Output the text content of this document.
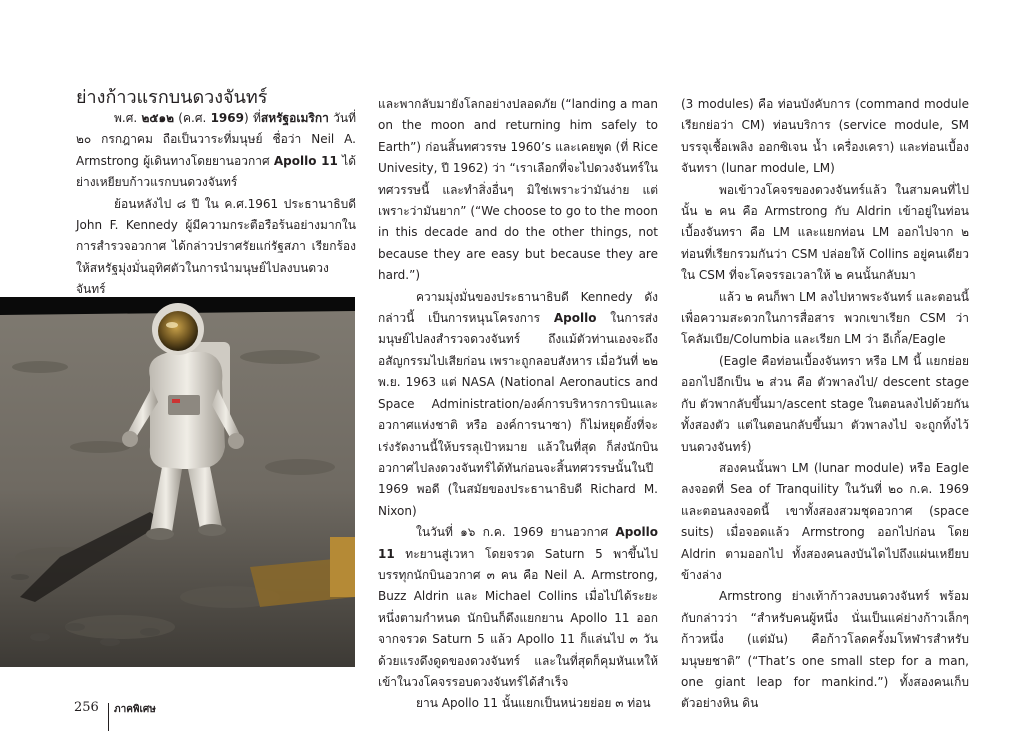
ย่างก้าวแรกบนดวงจันทร์

พ.ศ. ๒๕๑๒ (ค.ศ. 1969) ที่สหรัฐอเมริกา วันที่ ๒๐ กรกฎาคม ถือเป็นวาระที่มนุษย์ ชื่อว่า Neil A. Armstrong ผู้เดินทางโดยยานอวกาศ Apollo 11 ได้ย่างเหยียบก้าวแรกบนดวงจันทร์

ย้อนหลังไป ๘ ปี ใน ค.ศ.1961 ประธานาธิบดี John F. Kennedy ผู้มีความกระตือรือร้นอย่างมากในการสำรวจอวกาศ ได้กล่าวปราศรัยแก่รัฐสภา เรียกร้องให้สหรัฐมุ่งมั่นอุทิศตัวในการนำมนุษย์ไปลงบนดวงจันทร์

และพากลับมายังโลกอย่างปลอดภัย (“landing a man on the moon and returning him safely to Earth”) ก่อนสิ้นทศวรรษ 1960’s และเคยพูด (ที่ Rice Univesity, ปี 1962) ว่า “เราเลือกที่จะไปดวงจันทร์ในทศวรรษนี้ และทำสิ่งอื่นๆ มิใช่เพราะว่ามันง่าย แต่เพราะว่ามันยาก” (“We choose to go to the moon in this decade and do the other things, not because they are easy but because they are hard.”)

ความมุ่งมั่นของประธานาธิบดี Kennedy ดังกล่าวนี้ เป็นการหนุนโครงการ Apollo ในการส่งมนุษย์ไปลงสำรวจดวงจันทร์ ถึงแม้ตัวท่านเองจะถึงอสัญกรรมไปเสียก่อน เพราะถูกลอบสังหาร เมื่อวันที่ ๒๒ พ.ย. 1963 แต่ NASA (National Aeronautics and Space Administration/องค์การบริหารการบินและอวกาศแห่งชาติ หรือ องค์การนาซา) ก็ไม่หยุดยั้งที่จะเร่งรัดงานนี้ให้บรรลุเป้าหมาย แล้วในที่สุด ก็ส่งนักบินอวกาศไปลงดวงจันทร์ได้ทันก่อนจะสิ้นทศวรรษนั้นในปี 1969 พอดี (ในสมัยของประธานาธิบดี Richard M. Nixon)

ในวันที่ ๑๖ ก.ค. 1969 ยานอวกาศ Apollo 11 ทะยานสู่เวหา โดยจรวด Saturn 5 พาขึ้นไป บรรทุกนักบินอวกาศ ๓ คน คือ Neil A. Armstrong, Buzz Aldrin และ Michael Collins เมื่อไปได้ระยะหนึ่งตามกำหนด นักบินก็ดึงแยกยาน Apollo 11 ออกจากจรวด Saturn 5 แล้ว Apollo 11 ก็แล่นไป ๓ วัน ด้วยแรงดึงดูดของดวงจันทร์ และในที่สุดก็คุมหันเหให้เข้าในวงโคจรรอบดวงจันทร์ได้สำเร็จ

ยาน Apollo 11 นั้นแยกเป็นหน่วยย่อย ๓ ท่อน

(3 modules) คือ ท่อนบังคับการ (command module เรียกย่อว่า CM) ท่อนบริการ (service module, SM บรรจุเชื้อเพลิง ออกซิเจน น้ำ เครื่องเครา) และท่อนเบื้องจันทรา (lunar module, LM)

พอเข้าวงโคจรของดวงจันทร์แล้ว ในสามคนที่ไปนั้น ๒ คน คือ Armstrong กับ Aldrin เข้าอยู่ในท่อนเบื้องจันทรา คือ LM และแยกท่อน LM ออกไปจาก ๒ ท่อนที่เรียกรวมกันว่า CSM ปล่อยให้ Collins อยู่คนเดียวใน CSM ที่จะโคจรรอเวลาให้ ๒ คนนั้นกลับมา

แล้ว ๒ คนก็พา LM ลงไปหาพระจันทร์ และตอนนี้ เพื่อความสะดวกในการสื่อสาร พวกเขาเรียก CSM ว่า โคลัมเบีย/Columbia และเรียก LM ว่า อีเกิ้ล/Eagle

(Eagle คือท่อนเบื้องจันทรา หรือ LM นี้ แยกย่อยออกไปอีกเป็น ๒ ส่วน คือ ตัวพาลงไป/ descent stage กับ ตัวพากลับขึ้นมา/ascent stage ในตอนลงไปด้วยกันทั้งสองตัว แต่ในตอนกลับขึ้นมา ตัวพาลงไป จะถูกทิ้งไว้บนดวงจันทร์)

สองคนนั้นพา LM (lunar module) หรือ Eagle ลงจอดที่ Sea of Tranquility ในวันที่ ๒๐ ก.ค. 1969 และตอนลงจอดนี้ เขาทั้งสองสวมชุดอวกาศ (space suits) เมื่อจอดแล้ว Armstrong ออกไปก่อน โดย Aldrin ตามออกไป ทั้งสองคนลงบันไดไปถึงแผ่นเหยียบข้างล่าง

Armstrong ย่างเท้าก้าวลงบนดวงจันทร์ พร้อมกับกล่าวว่า “สำหรับคนผู้หนึ่ง นั่นเป็นแค่ย่างก้าวเล็กๆ ก้าวหนึ่ง (แต่มัน) คือก้าวโลดครั้งมโหฬารสำหรับมนุษยชาติ” (“That’s one small step for a man, one giant leap for mankind.”) ทั้งสองคนเก็บตัวอย่างหิน ดิน

256 ภาคพิเศษ
